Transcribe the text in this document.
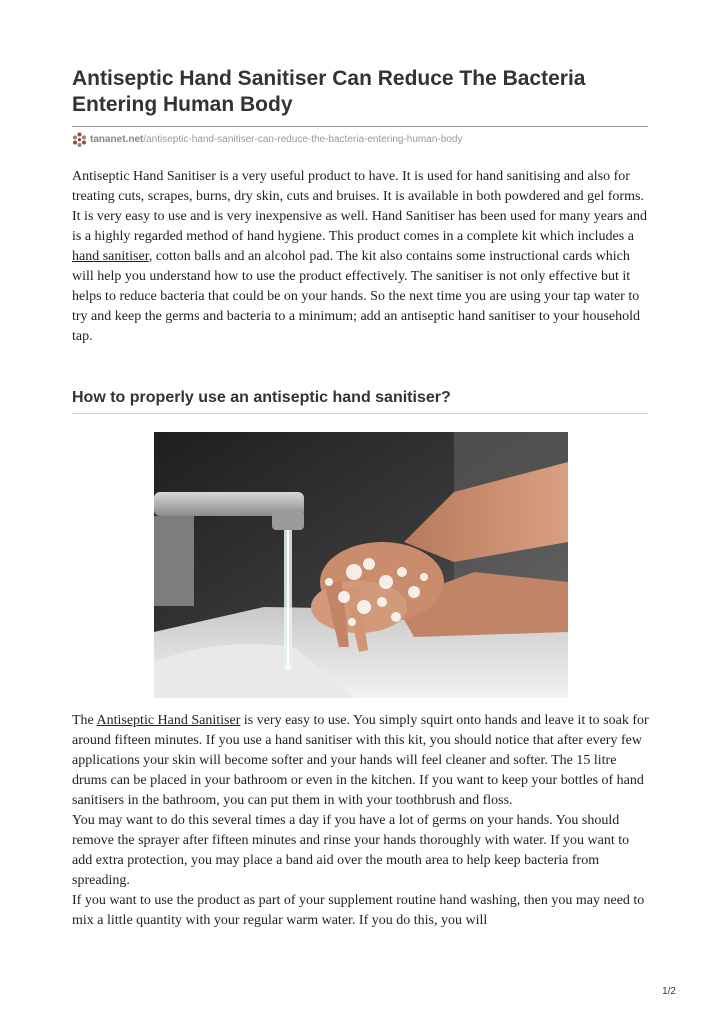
Antiseptic Hand Sanitiser Can Reduce The Bacteria Entering Human Body
tananet.net/antiseptic-hand-sanitiser-can-reduce-the-bacteria-entering-human-body

Antiseptic Hand Sanitiser is a very useful product to have. It is used for hand sanitising and also for treating cuts, scrapes, burns, dry skin, cuts and bruises. It is available in both powdered and gel forms. It is very easy to use and is very inexpensive as well. Hand Sanitiser has been used for many years and is a highly regarded method of hand hygiene. This product comes in a complete kit which includes a hand sanitiser, cotton balls and an alcohol pad. The kit also contains some instructional cards which will help you understand how to use the product effectively. The sanitiser is not only effective but it helps to reduce bacteria that could be on your hands. So the next time you are using your tap water to try and keep the germs and bacteria to a minimum; add an antiseptic hand sanitiser to your household tap.

How to properly use an antiseptic hand sanitiser?
The Antiseptic Hand Sanitiser is very easy to use. You simply squirt onto hands and leave it to soak for around fifteen minutes. If you use a hand sanitiser with this kit, you should notice that after every few applications your skin will become softer and your hands will feel cleaner and softer. The 15 litre drums can be placed in your bathroom or even in the kitchen. If you want to keep your bottles of hand sanitisers in the bathroom, you can put them in with your toothbrush and floss.
You may want to do this several times a day if you have a lot of germs on your hands. You should remove the sprayer after fifteen minutes and rinse your hands thoroughly with water. If you want to add extra protection, you may place a band aid over the mouth area to help keep bacteria from spreading.
If you want to use the product as part of your supplement routine hand washing, then you may need to mix a little quantity with your regular warm water. If you do this, you will
1/2
